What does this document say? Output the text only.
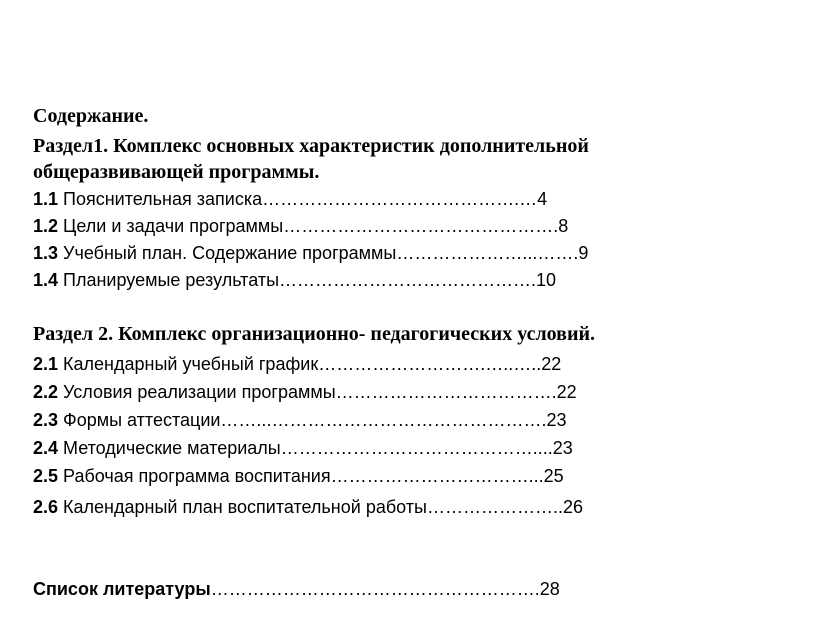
Содержание.
Раздел1. Комплекс основных характеристик дополнительной
общеразвивающей программы.
1.1 Пояснительная записка…………………………………….…4
1.2 Цели и задачи программы……………………………………….8
1.3 Учебный план. Содержание программы…………………...…….9
1.4 Планируемые результаты…………………………………….10
Раздел 2. Комплекс организационно- педагогических условий.
2.1 Календарный учебный график……………………….…..…..22
2.2 Условия реализации программы……………………………….22
2.3 Формы аттестации……...……………………………………….23
2.4 Методические материалы……………………………………....23
2.5 Рабочая программа воспитания……………………………...25
2.6 Календарный план воспитательной работы…………………..26
Список литературы……………………………………………….28
